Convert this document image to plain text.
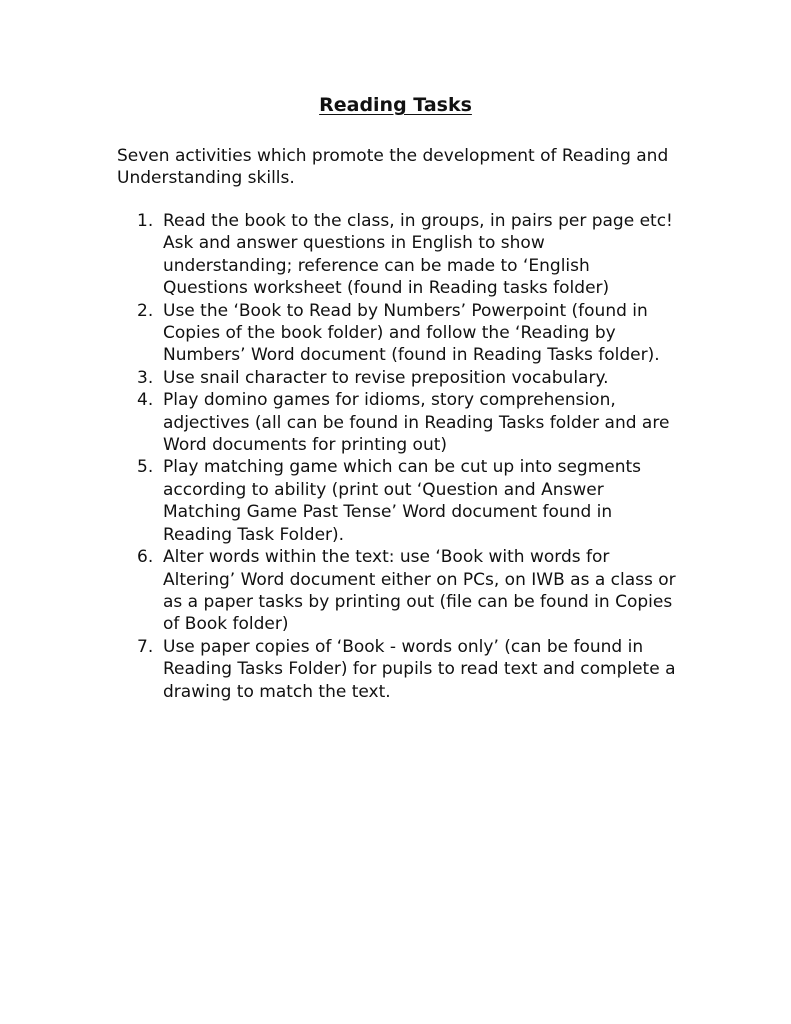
Reading Tasks

Seven activities which promote the development of Reading and Understanding skills.

1. Read the book to the class, in groups, in pairs per page etc! Ask and answer questions in English to show understanding; reference can be made to ‘English Questions worksheet (found in Reading tasks folder)
2. Use the ‘Book to Read by Numbers’ Powerpoint (found in Copies of the book folder) and follow the ‘Reading by Numbers’ Word document (found in Reading Tasks folder).
3. Use snail character to revise preposition vocabulary.
4. Play domino games for idioms, story comprehension, adjectives (all can be found in Reading Tasks folder and are Word documents for printing out)
5. Play matching game which can be cut up into segments according to ability (print out ‘Question and Answer Matching Game Past Tense’ Word document found in Reading Task Folder).
6. Alter words within the text: use ‘Book with words for Altering’ Word document either on PCs, on IWB as a class or as a paper tasks by printing out (file can be found in Copies of Book folder)
7. Use paper copies of ‘Book - words only’ (can be found in Reading Tasks Folder) for pupils to read text and complete a drawing to match the text.
